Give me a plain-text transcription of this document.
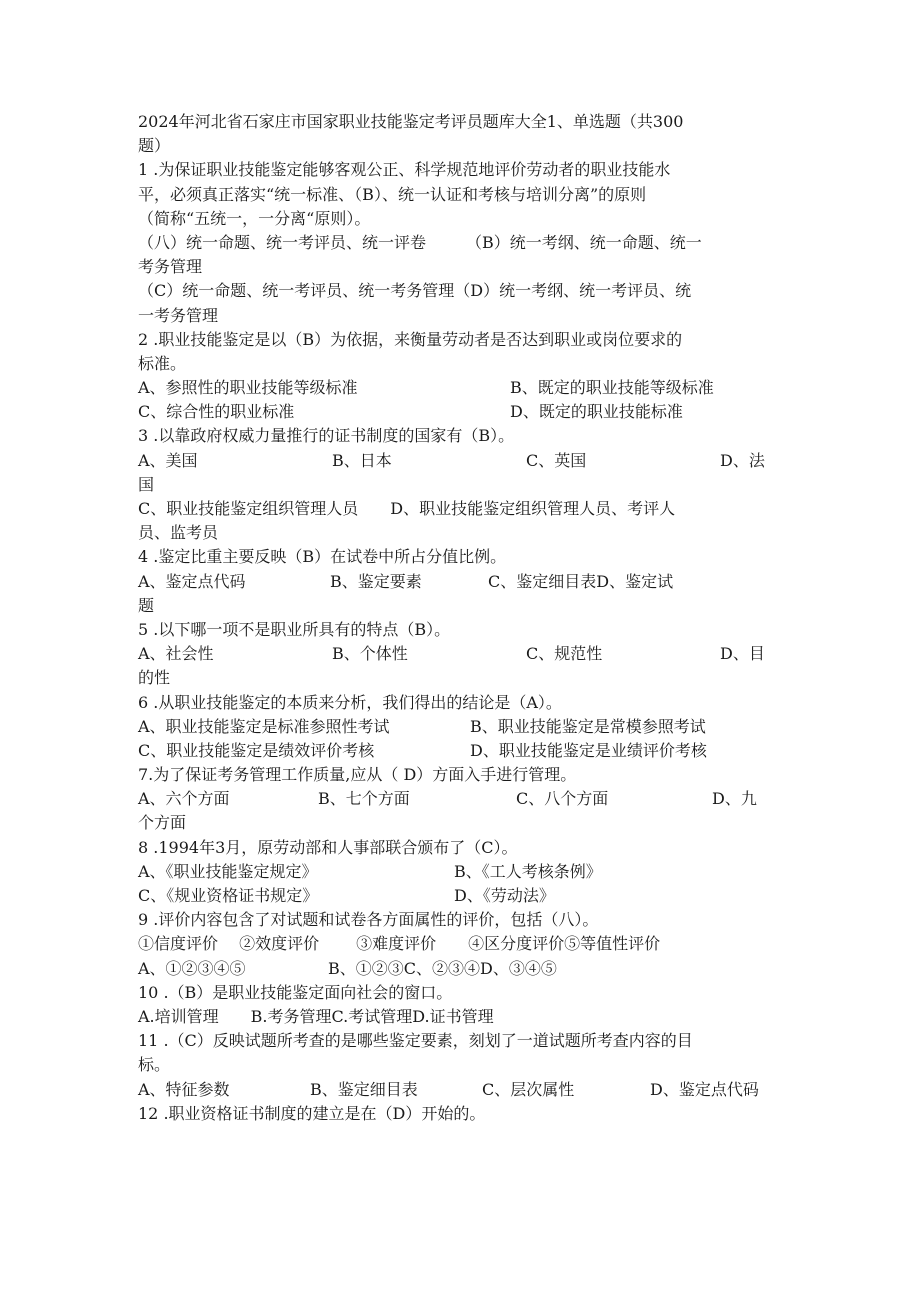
2024年河北省石家庄市国家职业技能鉴定考评员题库大全1、单选题（共300
题）
1 .为保证职业技能鉴定能够客观公正、科学规范地评价劳动者的职业技能水
平，必须真正落实“统一标准、（B）、统一认证和考核与培训分离”的原则
（简称“五统一，一分离“原则）。
（八）统一命题、统一考评员、统一评卷　　　（B）统一考纲、统一命题、统一
考务管理
（C）统一命题、统一考评员、统一考务管理（D）统一考纲、统一考评员、统
一考务管理
2 .职业技能鉴定是以（B）为依据，来衡量劳动者是否达到职业或岗位要求的
标准。
A、参照性的职业技能等级标准	B、既定的职业技能等级标准
C、综合性的职业标准	D、既定的职业技能标准
3 .以靠政府权威力量推行的证书制度的国家有（B）。
A、美国	B、日本	C、英国	D、法
国
C、职业技能鉴定组织管理人员　　D、职业技能鉴定组织管理人员、考评人
员、监考员
4 .鉴定比重主要反映（B）在试卷中所占分值比例。
A、鉴定点代码	B、鉴定要素	C、鉴定细目表D、鉴定试
题
5 .以下哪一项不是职业所具有的特点（B）。
A、社会性	B、个体性	C、规范性	D、目
的性
6 .从职业技能鉴定的本质来分析，我们得出的结论是（A）。
A、职业技能鉴定是标准参照性考试	B、职业技能鉴定是常模参照考试
C、职业技能鉴定是绩效评价考核	D、职业技能鉴定是业绩评价考核
7.为了保证考务管理工作质量,应从（ D）方面入手进行管理。
A、六个方面	B、七个方面	C、八个方面	D、九
个方面
8 .1994年3月，原劳动部和人事部联合颁布了（C）。
A、《职业技能鉴定规定》	B、《工人考核条例》
C、《规业资格证书规定》	D、《劳动法》
9 .评价内容包含了对试题和试卷各方面属性的评价，包括（八）。
①信度评价　 ②效度评价　　 ③难度评价　　④区分度评价⑤等值性评价
A、①②③④⑤	B、①②③C、②③④D、③④⑤
10 .（B）是职业技能鉴定面向社会的窗口。
A.培训管理　　B.考务管理C.考试管理D.证书管理
11 .（C）反映试题所考查的是哪些鉴定要素，刻划了一道试题所考查内容的目
标。
A、特征参数	B、鉴定细目表	C、层次属性	D、鉴定点代码
12 .职业资格证书制度的建立是在（D）开始的。
